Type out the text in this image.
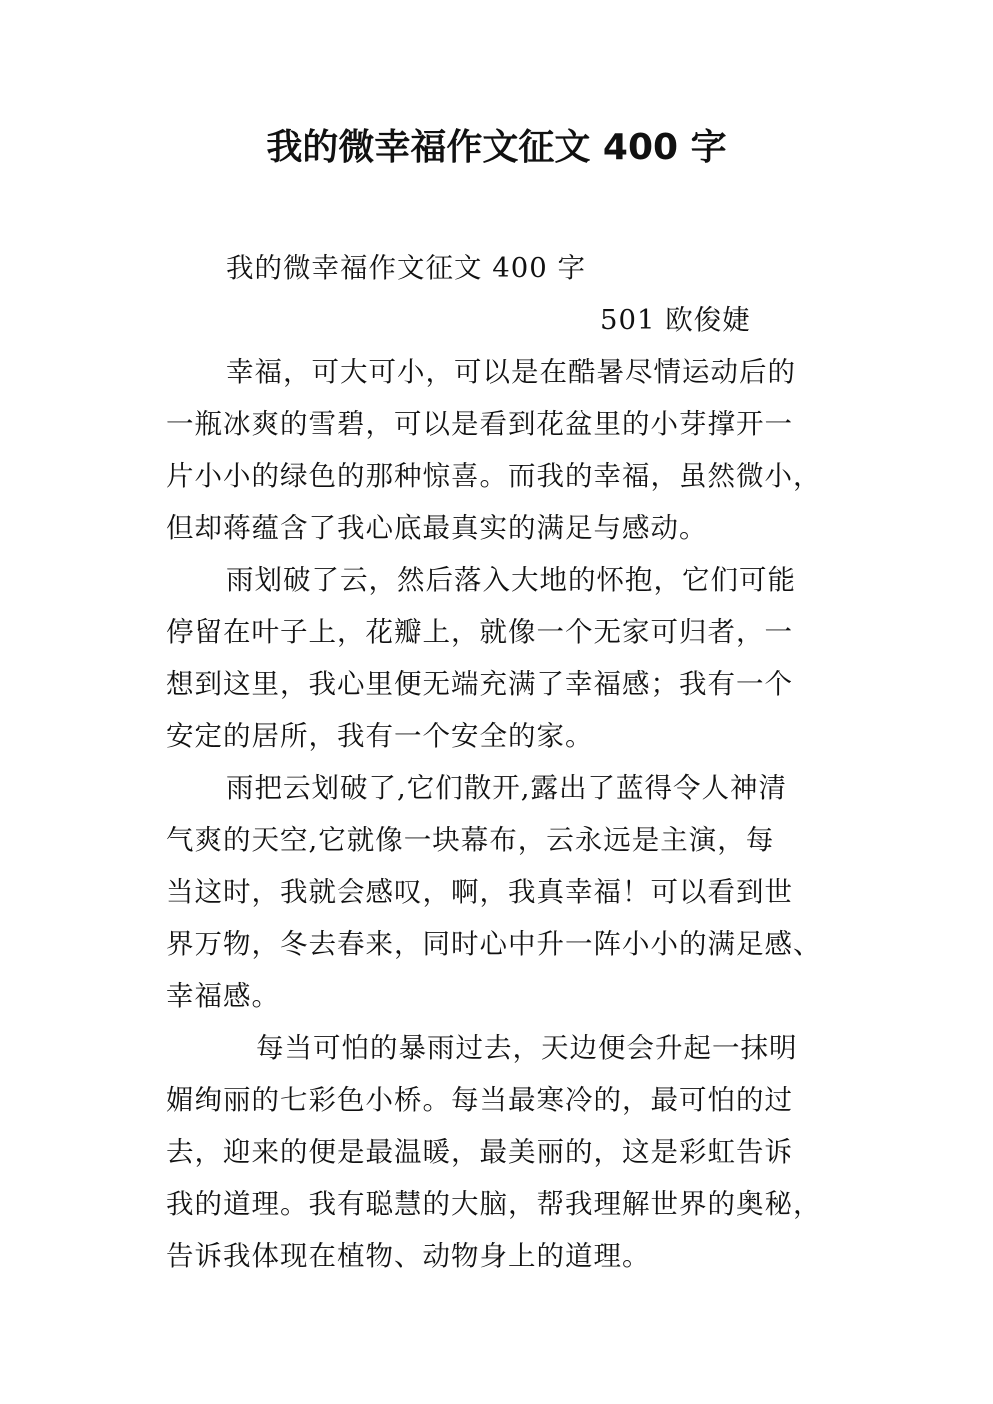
我的微幸福作文征文 400 字
我的微幸福作文征文 400 字
501 欧俊婕
幸福，可大可小，可以是在酷暑尽情运动后的
一瓶冰爽的雪碧，可以是看到花盆里的小芽撑开一
片小小的绿色的那种惊喜。而我的幸福，虽然微小，
但却蒋蕴含了我心底最真实的满足与感动。
雨划破了云，然后落入大地的怀抱，它们可能
停留在叶子上，花瓣上，就像一个无家可归者，一
想到这里，我心里便无端充满了幸福感；我有一个
安定的居所，我有一个安全的家。
雨把云划破了,它们散开,露出了蓝得令人神清
气爽的天空,它就像一块幕布，云永远是主演，每
当这时，我就会感叹，啊，我真幸福！可以看到世
界万物，冬去春来，同时心中升一阵小小的满足感、
幸福感。
每当可怕的暴雨过去，天边便会升起一抹明
媚绚丽的七彩色小桥。每当最寒冷的，最可怕的过
去，迎来的便是最温暖，最美丽的，这是彩虹告诉
我的道理。我有聪慧的大脑，帮我理解世界的奥秘，
告诉我体现在植物、动物身上的道理。
